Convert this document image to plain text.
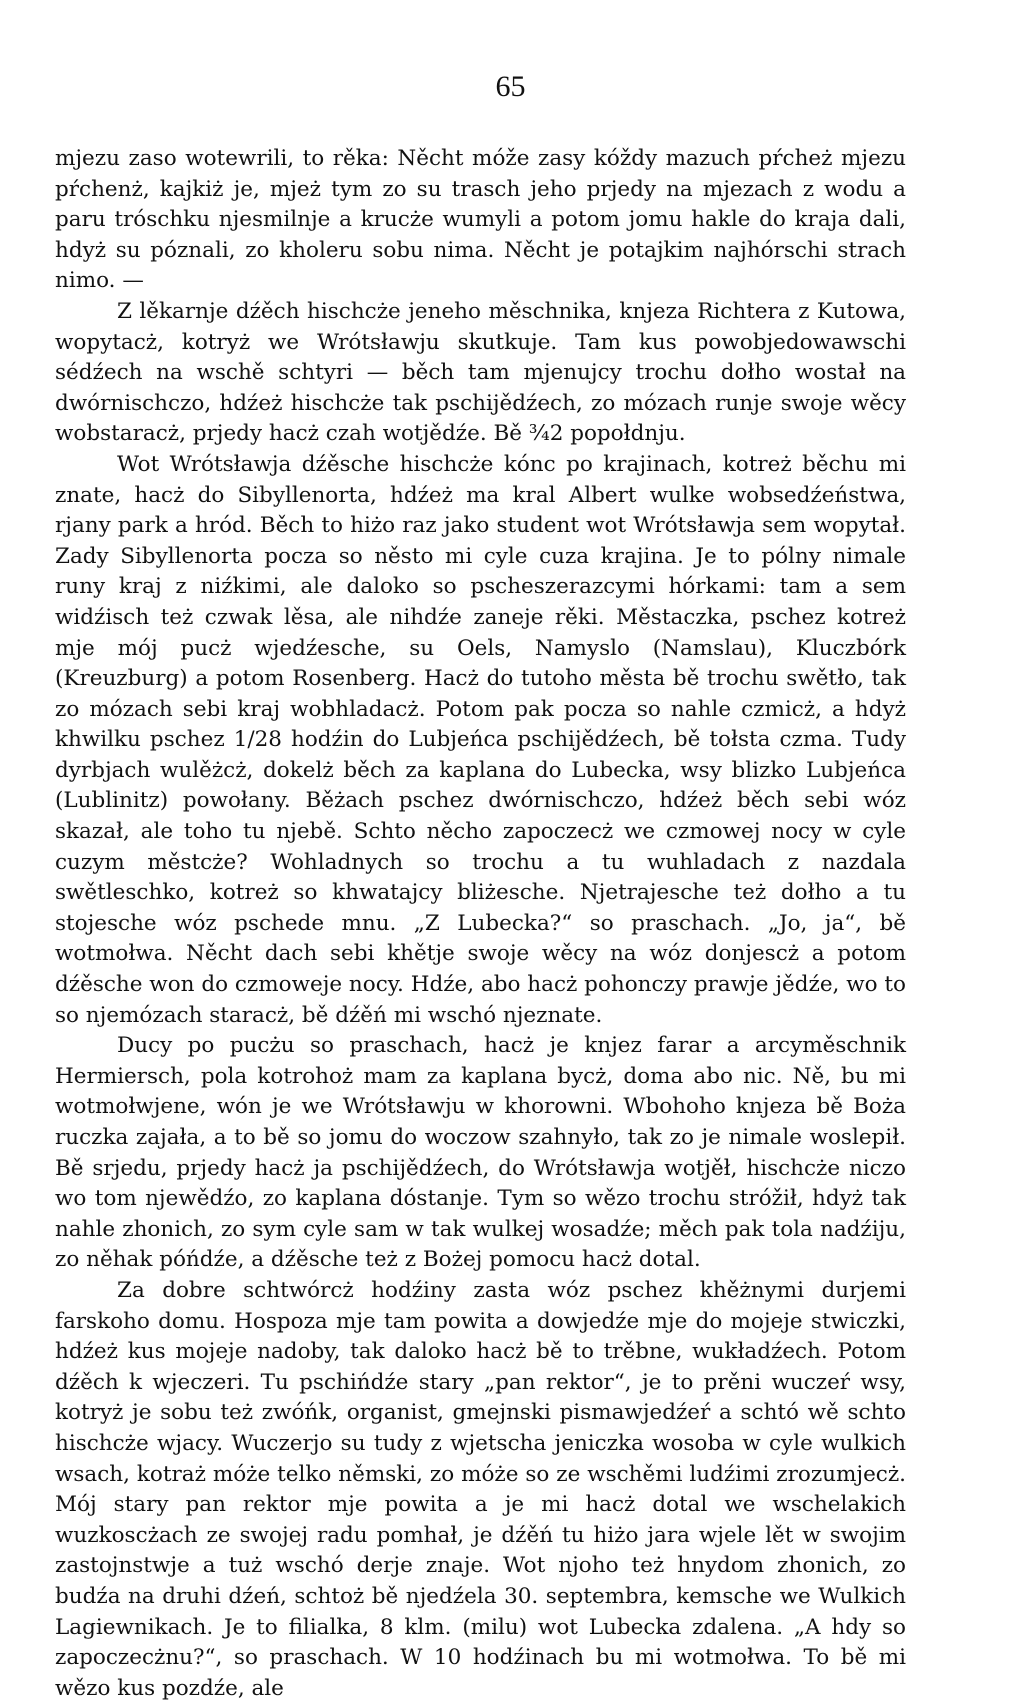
65

mjezu zaso wotewrili, to rěka: Něcht móže zasy kóždy mazuch pŕcheż mjezu pŕchenż, kajkiż je, mjeż tym zo su trasch jeho prjedy na mjezach z wodu a paru tróschku njesmilnje a krucże wumyli a potom jomu hakle do kraja dali, hdyż su póznali, zo kholeru sobu nima. Něcht je potajkim najhórschi strach nimo. —

Z lěkarnje dźěch hischcże jeneho měschnika, knjeza Richtera z Kutowa, wopytacż, kotryż we Wrótsławju skutkuje. Tam kus powobjedowawschi sédźech na wschě schtyri — běch tam mjenujcy trochu dołho wostał na dwórnischczo, hdźeż hischcże tak pschijědźech, zo mózach runje swoje wěcy wobstaracż, prjedy hacż czah wotjědźe. Bě ¾2 popołdnju.

Wot Wrótsławja dźěsche hischcże kónc po krajinach, kotreż běchu mi znate, hacż do Sibyllenorta, hdźeż ma kral Albert wulke wobsedźeństwa, rjany park a hród. Běch to hiżo raz jako student wot Wrótsławja sem wopytał. Zady Sibyllenorta pocza so něsto mi cyle cuza krajina. Je to pólny nimale runy kraj z niźkimi, ale daloko so pscheszerazcymi hórkami: tam a sem widźisch też czwak lěsa, ale nihdźe zaneje rěki. Městaczka, pschez kotreż mje mój pucż wjedźesche, su Oels, Namyslo (Namslau), Kluczbórk (Kreuzburg) a potom Rosenberg. Hacż do tutoho města bě trochu swětło, tak zo mózach sebi kraj wobhladacż. Potom pak pocza so nahle czmicż, a hdyż khwilku pschez 1/28 hodźin do Lubjeńca pschijědźech, bě tołsta czma. Tudy dyrbjach wulěżcż, dokelż běch za kaplana do Lubecka, wsy blizko Lubjeńca (Lublinitz) powołany. Běżach pschez dwórnischczo, hdźeż běch sebi wóz skazał, ale toho tu njebě. Schto něcho zapoczecż we czmowej nocy w cyle cuzym městcże? Wohladnych so trochu a tu wuhladach z nazdala swětleschko, kotreż so khwatajcy bliżesche. Njetrajesche też dołho a tu stojesche wóz pschede mnu. „Z Lubecka?“ so praschach. „Jo, ja“, bě wotmołwa. Něcht dach sebi khětje swoje wěcy na wóz donjescż a potom dźěsche won do czmoweje nocy. Hdźe, abo hacż pohonczy prawje jědźe, wo to so njemózach staracż, bě dźěń mi wschó njeznate.

Ducy po pucżu so praschach, hacż je knjez farar a arcyměschnik Hermiersch, pola kotrohoż mam za kaplana bycż, doma abo nic. Ně, bu mi wotmołwjene, wón je we Wrótsławju w khorowni. Wbohoho knjeza bě Boża ruczka zajała, a to bě so jomu do woczow szahnyło, tak zo je nimale woslepił. Bě srjedu, prjedy hacż ja pschijědźech, do Wrótsławja wotjěł, hischcże niczo wo tom njewědźo, zo kaplana dóstanje. Tym so wězo trochu stróžił, hdyż tak nahle zhonich, zo sym cyle sam w tak wulkej wosadźe; měch pak tola nadźiju, zo něhak póńdźe, a dźěsche też z Bożej pomocu hacż dotal.

Za dobre schtwórcż hodźiny zasta wóz pschez khěżnymi durjemi farskoho domu. Hospoza mje tam powita a dowjedźe mje do mojeje stwiczki, hdźeż kus mojeje nadoby, tak daloko hacż bě to trěbne, wukładźech. Potom dźěch k wjeczeri. Tu pschińdźe stary „pan rektor“, je to prěni wuczeŕ wsy, kotryż je sobu też zwóńk, organist, gmejnski pismawjedźeŕ a schtó wě schto hischcże wjacy. Wuczerjo su tudy z wjetscha jeniczka wosoba w cyle wulkich wsach, kotraż móże telko němski, zo móże so ze wschěmi ludźimi zrozumjecż. Mój stary pan rektor mje powita a je mi hacż dotal we wschelakich wuzkoscżach ze swojej radu pomhał, je dźěń tu hiżo jara wjele lět w swojim zastojnstwje a tuż wschó derje znaje. Wot njoho też hnydom zhonich, zo budźa na druhi dźeń, schtoż bě njedźela 30. septembra, kemsche we Wulkich Lagiewnikach. Je to filialka, 8 klm. (milu) wot Lubecka zdalena. „A hdy so zapoczecżnu?“, so praschach. W 10 hodźinach bu mi wotmołwa. To bě mi wězo kus pozdźe, ale
